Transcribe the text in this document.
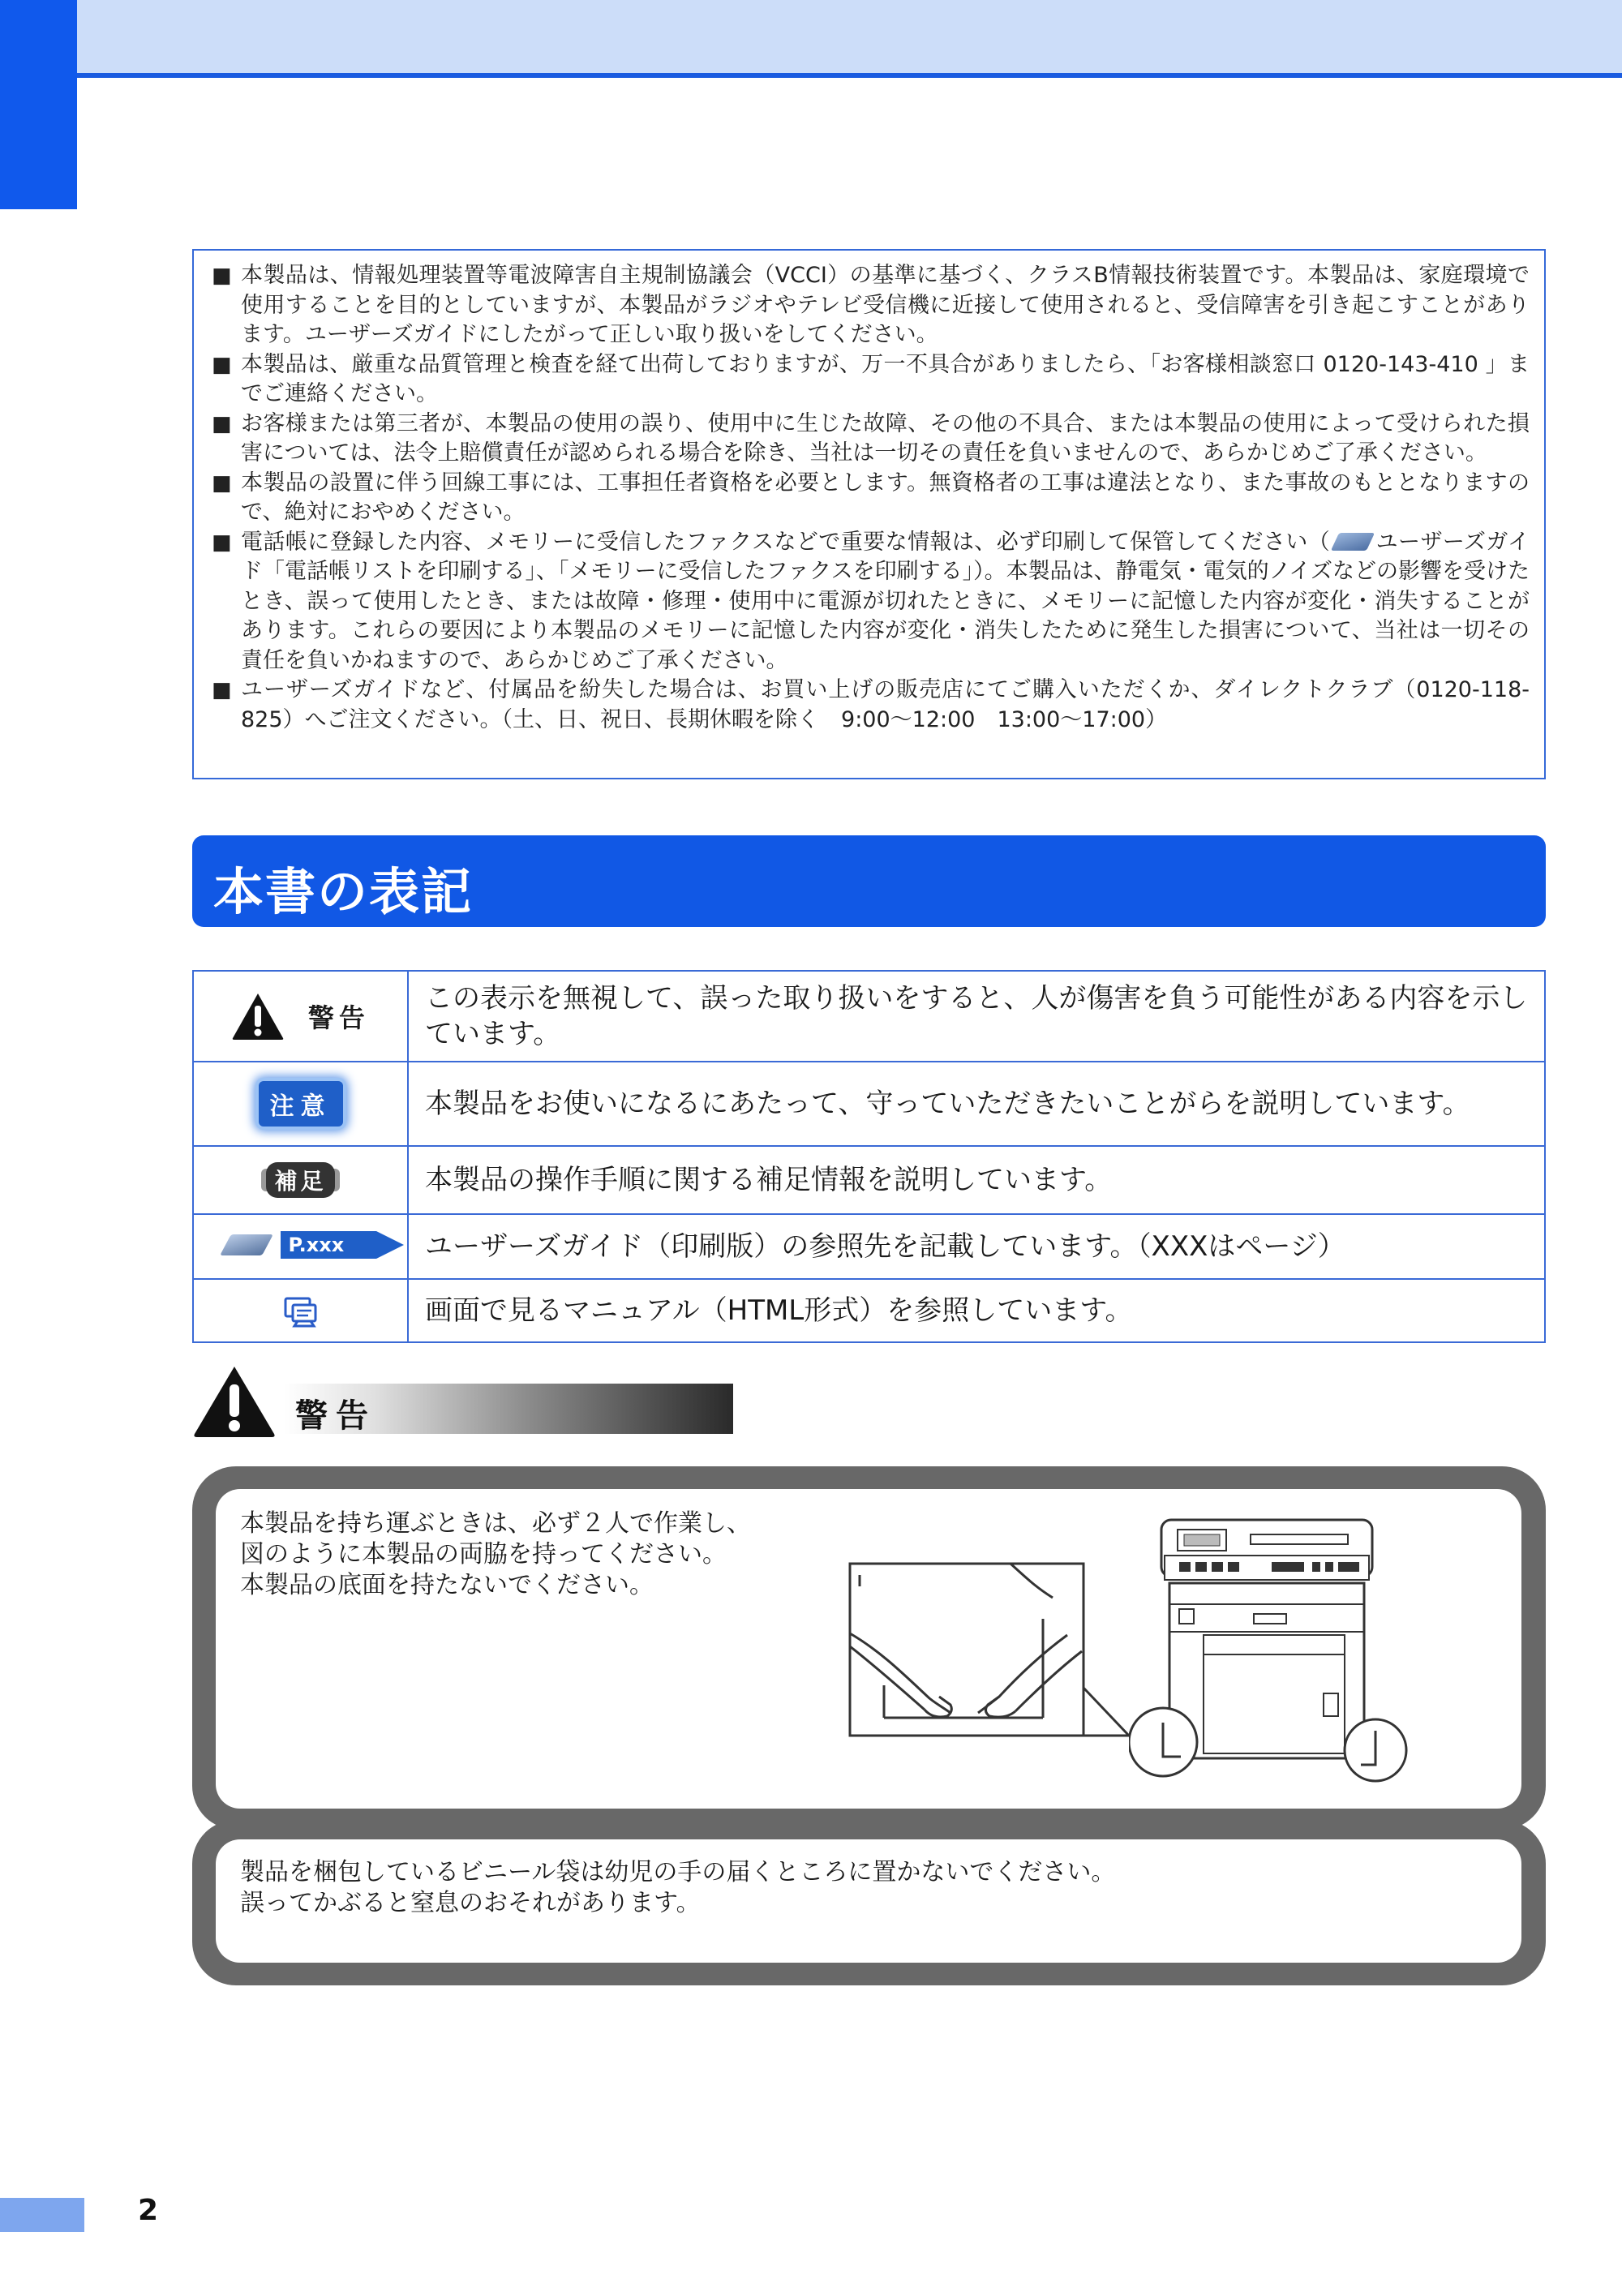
■ 本製品は、情報処理装置等電波障害自主規制協議会（VCCI）の基準に基づく、クラスB情報技術装置です。本製品は、家庭環境で使用することを目的としていますが、本製品がラジオやテレビ受信機に近接して使用されると、受信障害を引き起こすことがあります。ユーザーズガイドにしたがって正しい取り扱いをしてください。
■ 本製品は、厳重な品質管理と検査を経て出荷しておりますが、万一不具合がありましたら、「お客様相談窓口 0120-143-410 」までご連絡ください。
■ お客様または第三者が、本製品の使用の誤り、使用中に生じた故障、その他の不具合、または本製品の使用によって受けられた損害については、法令上賠償責任が認められる場合を除き、当社は一切その責任を負いませんので、あらかじめご了承ください。
■ 本製品の設置に伴う回線工事には、工事担任者資格を必要とします。無資格者の工事は違法となり、また事故のもととなりますので、絶対におやめください。
■ 電話帳に登録した内容、メモリーに受信したファクスなどで重要な情報は、必ず印刷して保管してください（ ユーザーズガイド「電話帳リストを印刷する」、「メモリーに受信したファクスを印刷する」）。本製品は、静電気・電気的ノイズなどの影響を受けたとき、誤って使用したとき、または故障・修理・使用中に電源が切れたときに、メモリーに記憶した内容が変化・消失することがあります。これらの要因により本製品のメモリーに記憶した内容が変化・消失したために発生した損害について、当社は一切その責任を負いかねますので、あらかじめご了承ください。
■ ユーザーズガイドなど、付属品を紛失した場合は、お買い上げの販売店にてご購入いただくか、ダイレクトクラブ（0120-118-825）へご注文ください。（土、日、祝日、長期休暇を除く　9:00～12:00　13:00～17:00）
本書の表記
警告	この表示を無視して、誤った取り扱いをすると、人が傷害を負う可能性がある内容を示しています。
注意	本製品をお使いになるにあたって、守っていただきたいことがらを説明しています。
補足	本製品の操作手順に関する補足情報を説明しています。

P.xxx	ユーザーズガイド（印刷版）の参照先を記載しています。（XXXはページ）
	画面で見るマニュアル（HTML形式）を参照しています。
警告
本製品を持ち運ぶときは、必ず２人で作業し、
図のように本製品の両脇を持ってください。
本製品の底面を持たないでください。
製品を梱包しているビニール袋は幼児の手の届くところに置かないでください。
誤ってかぶると窒息のおそれがあります。
2
